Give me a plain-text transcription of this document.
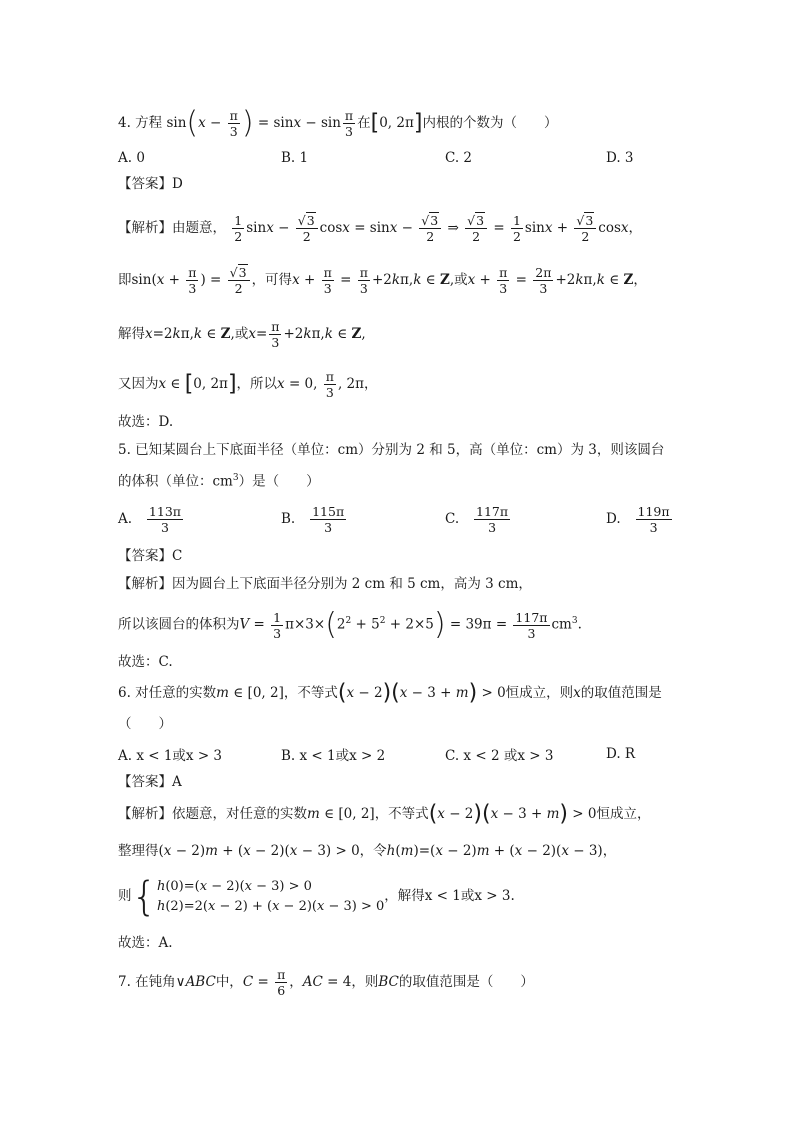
4. 方程 $\sin(x - \frac{\pi}{3}$ ) = $\sin x - \sin \frac{\pi}{3}$ 在[0, 2π]内根的个数为（　　）
A. 0	B. 1	C. 2	D. 3
【答案】D
【解析】由题意， $\frac{1}{2}$ $\sin x - \frac{√3}{2}$ $\cos x = \sin x - \frac{√3}{2}$ ⇒ $\frac{√3}{2} = \frac{1}{2}$ $\sin x + \frac{√3}{2}$ cosx，
即$\sin(x + \frac{\pi}{3}$ ) = $\frac{√3}{2}$ ，可得$x + \frac{\pi}{3} = \frac{\pi}{3} +2k\pi,k$ ∈ Z,或$x + \frac{\pi}{3} = \frac{2\pi}{3} +2k\pi,k$ ∈ Z，
解得x=2kπ,k ∈ Z,或$x= \frac{\pi}{3} +2k\pi,k$ ∈ Z,
又因为x ∈ [0, 2π]，所以x = 0, $\frac{\pi}{3}$ , 2π，
故选：D.
5. 已知某圆台上下底面半径（单位：cm）分别为 2 和 5，高（单位：cm）为 3，则该圆台
的体积（单位：$cm^3$）是（　　）
A.
$\frac{113\pi}{3}$	B.
$\frac{115\pi}{3}$	C.
$\frac{117\pi}{3}$	D.
$\frac{119\pi}{3}$
【答案】C
【解析】因为圆台上下底面半径分别为 2 cm 和 5 cm，高为 3 cm，
所以该圆台的体积为$V = \frac{1}{3} \pi\times 3\times(2^2 + 5^2 + 2\times 5) = 39\pi = \frac{117\pi}{3} cm^3$.
故选：C.
6. 对任意的实数m ∈ [0, 2]，不等式(x − 2)(x − 3 + m) > 0恒成立，则x的取值范围是
（　　）
A. x < 1或x > 3	B. x < 1或x > 2	C. x < 2 或x > 3	D. R
【答案】A
【解析】依题意，对任意的实数m ∈ [0, 2]，不等式(x − 2)(x − 3 + m) > 0恒成立，
整理得(x − 2)m + (x − 2)(x − 3) > 0，令h(m)=(x − 2)m + (x − 2)(x − 3)，
则 { h(0)=(x − 2)(x − 3) > 0
h(2)=2(x − 2) + (x − 2)(x − 3) > 0
，解得x < 1或x > 3.
故选：A.
7. 在钝角∨ABC中，$C = \frac{\pi}{6}$ ，AC = 4，则BC的取值范围是（　　）
